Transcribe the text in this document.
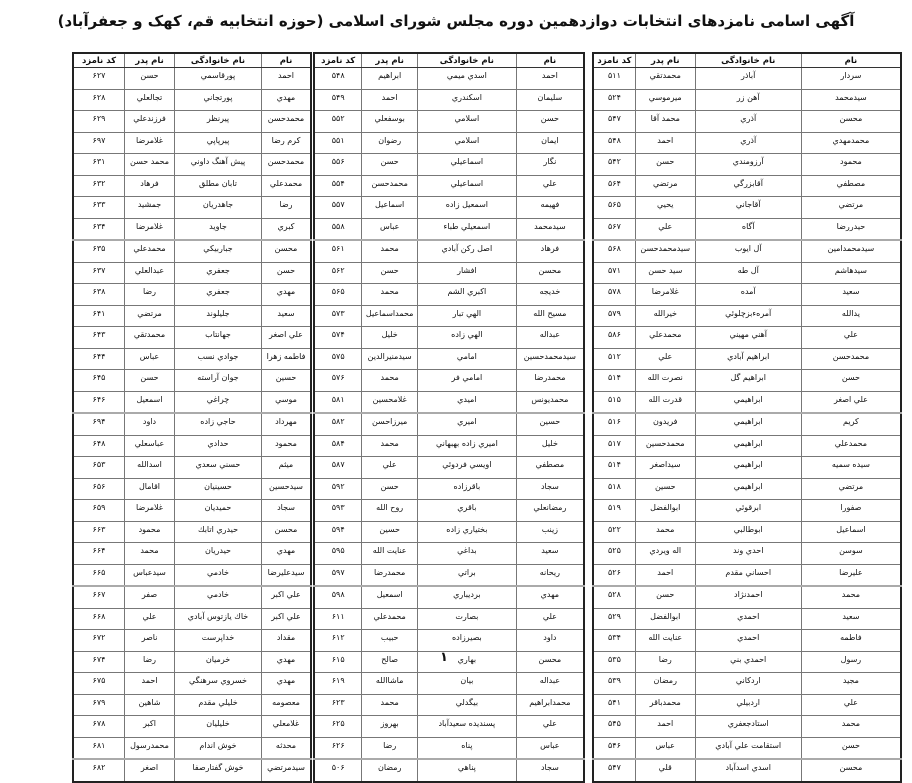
آگهی اسامی نامزدهای انتخابات دوازدهمین دوره مجلس شورای اسلامی (حوزه انتخابیه قم، کهک و جعفرآباد)
نام	نام خانوادگی	نام پدر	کد نامزد
سردار	آباذر	محمدتقي	۵۱۱
سیدمحمد	آهن زر	میرموسي	۵۲۴
محسن	آذري	محمد آقا	۵۴۷
محمدمهدي	آذري	احمد	۵۴۸
محمود	آرزومندي	حسن	۵۴۲
مصطفي	آقابزرگي	مرتضي	۵۶۴
مرتضي	آقاجاني	يحيي	۵۶۵
حيدررضا	آگاه	علي	۵۶۷
سیدمحمدامين	آل ايوب	سيدمحمدحسن	۵۶۸
سيدهاشم	آل طه	سيد حسن	۵۷۱
سعيد	آمده	غلامرضا	۵۷۸
يدالله	آمره‌ءبزچلوئي	خيرالله	۵۷۹
علي	آهني مهيني	محمدعلي	۵۸۶
محمدحسن	ابراهيم آبادي	علي	۵۱۲
حسن	ابراهيم گل	نصرت الله	۵۱۴
علي اصغر	ابراهيمي	قدرت الله	۵۱۵
كريم	ابراهيمي	فريدون	۵۱۶
محمدعلي	ابراهيمي	محمدحسين	۵۱۷
سيده سميه	ابراهيمي	سيداصغر	۵۱۴
مرتضي	ابراهيمي	حسين	۵۱۸
صفورا	ابرقوئي	ابوالفضل	۵۱۹
اسماعيل	ابوطالبي	محمد	۵۲۲
سوسن	احدي وند	اله ويردي	۵۲۵
عليرضا	احساني مقدم	احمد	۵۲۶
محمد	احمدنژاد	حسن	۵۲۸
سعيد	احمدي	ابوالفضل	۵۲۹
فاطمه	احمدي	عنايت الله	۵۳۴
رسول	احمدي بني	رضا	۵۳۵
مجيد	اردكاني	رمضان	۵۳۹
علي	اردبيلي	محمدباقر	۵۴۱
محمد	استادجعفري	احمد	۵۴۵
حسن	استقامت علي آبادي	عباس	۵۴۶
محسن	اسدي اسدآباد	قلي	۵۴۷
نام	نام خانوادگی	نام پدر	کد نامزد
احمد	اسدي ميمي	ابراهيم	۵۴۸
سليمان	اسكندري	احمد	۵۴۹
حسن	اسلامي	بوسفعلي	۵۵۲
ايمان	اسلامي	رضوان	۵۵۱
نگار	اسماعيلي	حسن	۵۵۶
علي	اسماعيلي	محمدحسن	۵۵۴
فهيمه	اسمعيل زاده	اسماعيل	۵۵۷
سيدمحمد	اسمعيلي طباء	عباس	۵۵۸
فرهاد	اصل ركن آبادي	محمد	۵۶۱
محسن	افشار	حسن	۵۶۲
خديجه	اكبري الشم	محمد	۵۶۵
مسيح الله	الهي تبار	محمداسماعيل	۵۷۳
عبداله	الهي زاده	خليل	۵۷۴
سيدمحمدحسين	امامي	سيدمنيرالدين	۵۷۵
محمدرضا	امامي فر	محمد	۵۷۶
محمديونس	اميدي	غلامحسين	۵۸۱
حسين	اميري	ميرزاحسن	۵۸۲
خليل	اميري زاده بهبهاني	محمد	۵۸۴
مصطفي	اويسي فردوئي	علي	۵۸۷
سجاد	باقرزاده	حسن	۵۹۲
رمضانعلي	باقري	روح الله	۵۹۳
زينب	بختياري زاده	حسين	۵۹۴
سعيد	بداغي	عنايت الله	۵۹۵
ريحانه	براتي	محمدرضا	۵۹۷
مهدي	برديباري	اسمعيل	۵۹۸
علي	بصارت	محمدعلي	۶۱۱
داود	بصيرزاده	حبيب	۶۱۲
محسن	بهاري	صالح	۶۱۵
عبداله	بيان	ماشاالله	۶۱۹
محمدابراهيم	بيگدلي	محمد	۶۲۳
علي	پسنديده سعيدآباد	بهروز	۶۲۵
عباس	پناه	رضا	۶۲۶
سجاد	پناهي	رمضان	۵۰۶
نام	نام خانوادگی	نام پدر	کد نامزد
احمد	پورقاسمي	حسن	۶۲۷
مهدي	پورتجاني	تجالعلي	۶۲۸
محمدحسن	پيرنظر	فرزندعلي	۶۲۹
كرم رضا	پيرپاپي	غلامرضا	۶۹۷
محمدحسن	پيش آهنگ داوني	محمد حسن	۶۳۱
محمدعلي	تابان مطلق	فرهاد	۶۳۲
رضا	جاهدريان	جمشيد	۶۳۳
كبري	جاويد	غلامرضا	۶۳۴
محسن	جباربيكي	محمدعلي	۶۳۵
حسن	جعفري	عبدالعلي	۶۳۷
مهدي	جعفري	رضا	۶۳۸
سعيد	جليلوند	مرتضي	۶۴۱
علي اصغر	جهانتاب	محمدتقي	۶۴۳
فاطمه زهرا	جوادي نسب	عباس	۶۴۴
حسين	جوان آراسته	حسن	۶۴۵
موسي	چراغي	اسمعيل	۶۴۶
مهرداد	حاجي زاده	داود	۶۹۴
محمود	حدادي	عباسعلي	۶۴۸
ميثم	حسني سعدي	اسدالله	۶۵۳
سيدحسين	حسينيان	اقامال	۶۵۶
سجاد	حميديان	غلامرضا	۶۵۹
محسن	حيدري اتابك	محمود	۶۶۳
مهدي	حيدريان	محمد	۶۶۴
سيدعليرضا	خادمي	سيدعباس	۶۶۵
علي اكبر	خادمي	صفر	۶۶۷
علي اكبر	خاك يازتوس آبادي	علي	۶۶۸
مقداد	خداپرست	ناصر	۶۷۲
مهدي	خرميان	رضا	۶۷۴
مهدي	خسروي سرهنگي	احمد	۶۷۵
معصومه	خليلي مقدم	شاهين	۶۷۹
غلامعلي	خليليان	اكبر	۶۷۸
محدثه	خوش اندام	محمدرسول	۶۸۱
سيدمرتضي	خوش گفتارصفا	اصغر	۶۸۲
۱
